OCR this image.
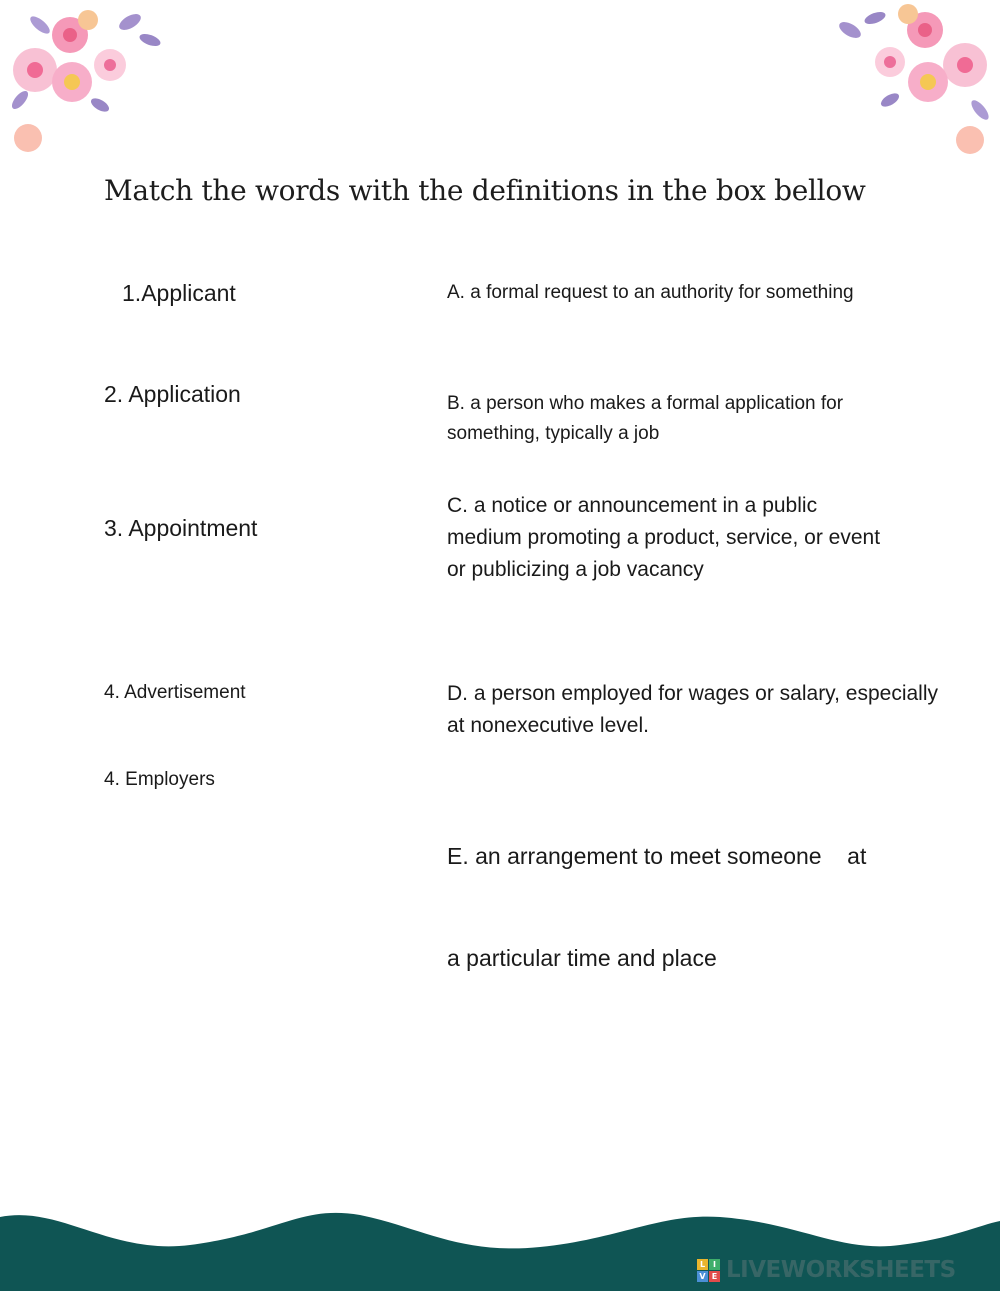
Match the words with the definitions in the box bellow
1.Applicant
2. Application
3. Appointment
4. Advertisement
4. Employers
A. a formal request to an authority for something
B. a person who makes a formal application for
something, typically a job
C. a notice or announcement in a public
medium promoting a product, service, or event
or publicizing a job vacancy
D. a person employed for wages or salary, especially
at nonexecutive level.

E. an arrangement to meet someone    at

a particular time and place

L I
V E LIVEWORKSHEETS
